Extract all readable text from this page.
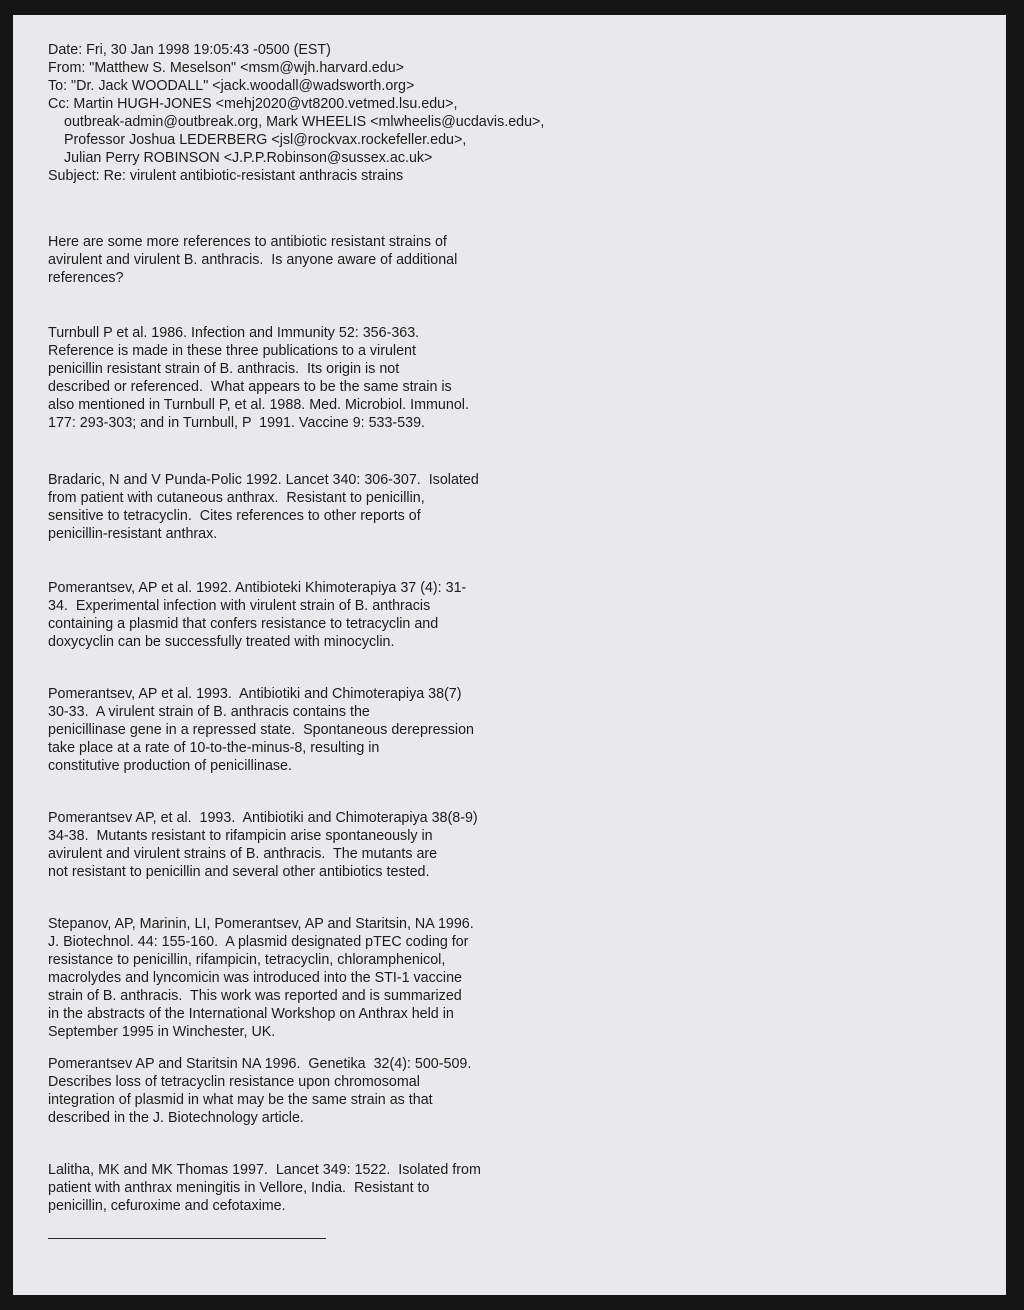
Date: Fri, 30 Jan 1998 19:05:43 -0500 (EST)
From: "Matthew S. Meselson" <msm@wjh.harvard.edu>
To: "Dr. Jack WOODALL" <jack.woodall@wadsworth.org>
Cc: Martin HUGH-JONES <mehj2020@vt8200.vetmed.lsu.edu>,
outbreak-admin@outbreak.org, Mark WHEELIS <mlwheelis@ucdavis.edu>,
Professor Joshua LEDERBERG <jsl@rockvax.rockefeller.edu>,
Julian Perry ROBINSON <J.P.P.Robinson@sussex.ac.uk>
Subject: Re: virulent antibiotic-resistant anthracis strains
Here are some more references to antibiotic resistant strains of
avirulent and virulent B. anthracis.  Is anyone aware of additional
references?
Turnbull P et al. 1986. Infection and Immunity 52: 356-363.
Reference is made in these three publications to a virulent
penicillin resistant strain of B. anthracis.  Its origin is not
described or referenced.  What appears to be the same strain is
also mentioned in Turnbull P, et al. 1988. Med. Microbiol. Immunol.
177: 293-303; and in Turnbull, P  1991. Vaccine 9: 533-539.
Bradaric, N and V Punda-Polic 1992. Lancet 340: 306-307.  Isolated
from patient with cutaneous anthrax.  Resistant to penicillin,
sensitive to tetracyclin.  Cites references to other reports of
penicillin-resistant anthrax.
Pomerantsev, AP et al. 1992. Antibioteki Khimoterapiya 37 (4): 31-
34.  Experimental infection with virulent strain of B. anthracis
containing a plasmid that confers resistance to tetracyclin and
doxycyclin can be successfully treated with minocyclin.
Pomerantsev, AP et al. 1993.  Antibiotiki and Chimoterapiya 38(7)
30-33.  A virulent strain of B. anthracis contains the
penicillinase gene in a repressed state.  Spontaneous derepression
take place at a rate of 10-to-the-minus-8, resulting in
constitutive production of penicillinase.
Pomerantsev AP, et al.  1993.  Antibiotiki and Chimoterapiya 38(8-9)
34-38.  Mutants resistant to rifampicin arise spontaneously in
avirulent and virulent strains of B. anthracis.  The mutants are
not resistant to penicillin and several other antibiotics tested.
Stepanov, AP, Marinin, LI, Pomerantsev, AP and Staritsin, NA 1996.
J. Biotechnol. 44: 155-160.  A plasmid designated pTEC coding for
resistance to penicillin, rifampicin, tetracyclin, chloramphenicol,
macrolydes and lyncomicin was introduced into the STI-1 vaccine
strain of B. anthracis.  This work was reported and is summarized
in the abstracts of the International Workshop on Anthrax held in
September 1995 in Winchester, UK.
Pomerantsev AP and Staritsin NA 1996.  Genetika  32(4): 500-509.
Describes loss of tetracyclin resistance upon chromosomal
integration of plasmid in what may be the same strain as that
described in the J. Biotechnology article.
Lalitha, MK and MK Thomas 1997.  Lancet 349: 1522.  Isolated from
patient with anthrax meningitis in Vellore, India.  Resistant to
penicillin, cefuroxime and cefotaxime.
